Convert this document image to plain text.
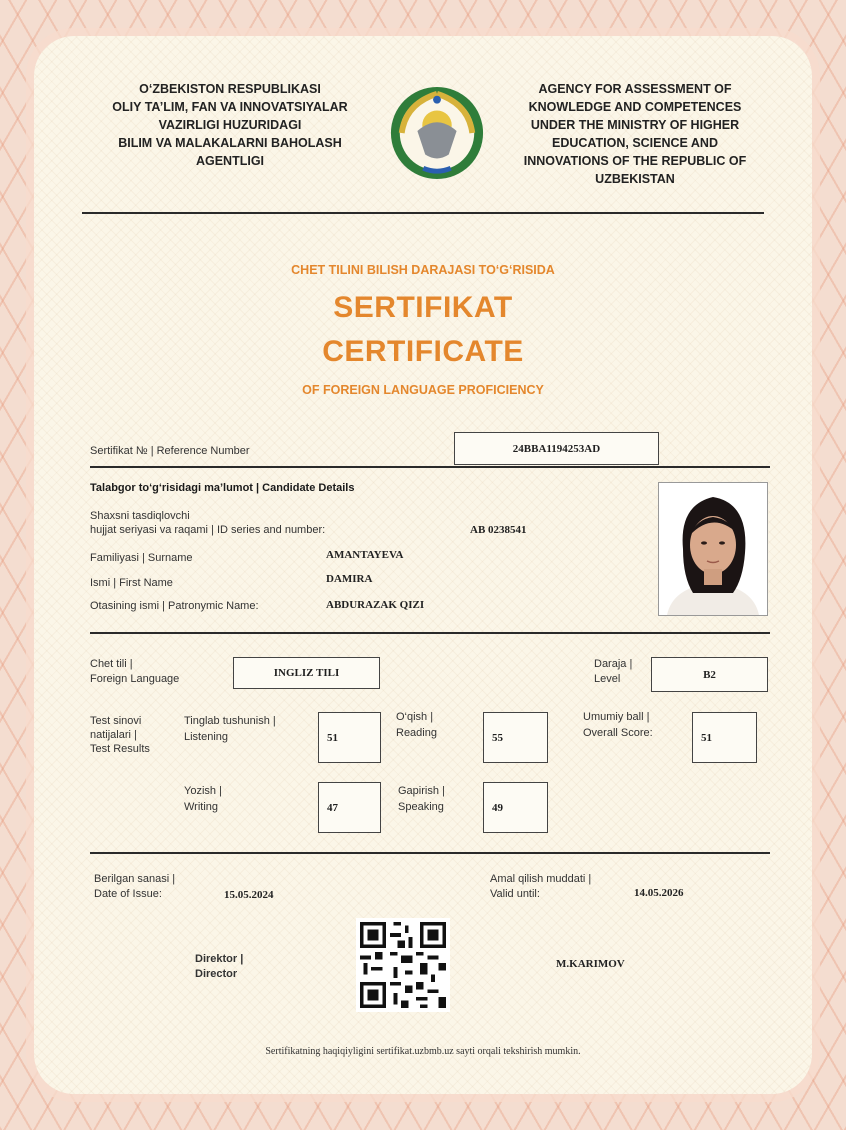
O‘ZBEKISTON RESPUBLIKASI
OLIY TA’LIM, FAN VA INNOVATSIYALAR
VAZIRLIGI HUZURIDAGI
BILIM VA MALAKALARNI BAHOLASH
AGENTLIGI
AGENCY FOR ASSESSMENT OF
KNOWLEDGE AND COMPETENCES
UNDER THE MINISTRY OF HIGHER
EDUCATION, SCIENCE AND
INNOVATIONS OF THE REPUBLIC OF
UZBEKISTAN
CHET TILINI BILISH DARAJASI TO‘G‘RISIDA
SERTIFIKAT
CERTIFICATE
OF FOREIGN LANGUAGE PROFICIENCY
Sertifikat № | Reference Number	24BBA1194253AD
Talabgor to‘g‘risidagi ma’lumot | Candidate Details
Shaxsni tasdiqlovchi
hujjat seriyasi va raqami | ID series and number:	AB 0238541
Familiyasi | Surname	AMANTAYEVA
Ismi | First Name	DAMIRA
Otasining ismi | Patronymic Name:	ABDURAZAK QIZI
Chet tili |
Foreign Language	INGLIZ TILI
Daraja |
Level	B2
Test sinovi
natijalari |
Test Results
Tinglab tushunish |
Listening	51
O‘qish |
Reading	55
Umumiy ball |
Overall Score:	51
Yozish |
Writing	47
Gapirish |
Speaking	49
Berilgan sanasi |
Date of Issue:	15.05.2024
Amal qilish muddati |
Valid until:	14.05.2026
Direktor |
Director
M.KARIMOV
Sertifikatning haqiqiyligini sertifikat.uzbmb.uz sayti orqali tekshirish mumkin.
